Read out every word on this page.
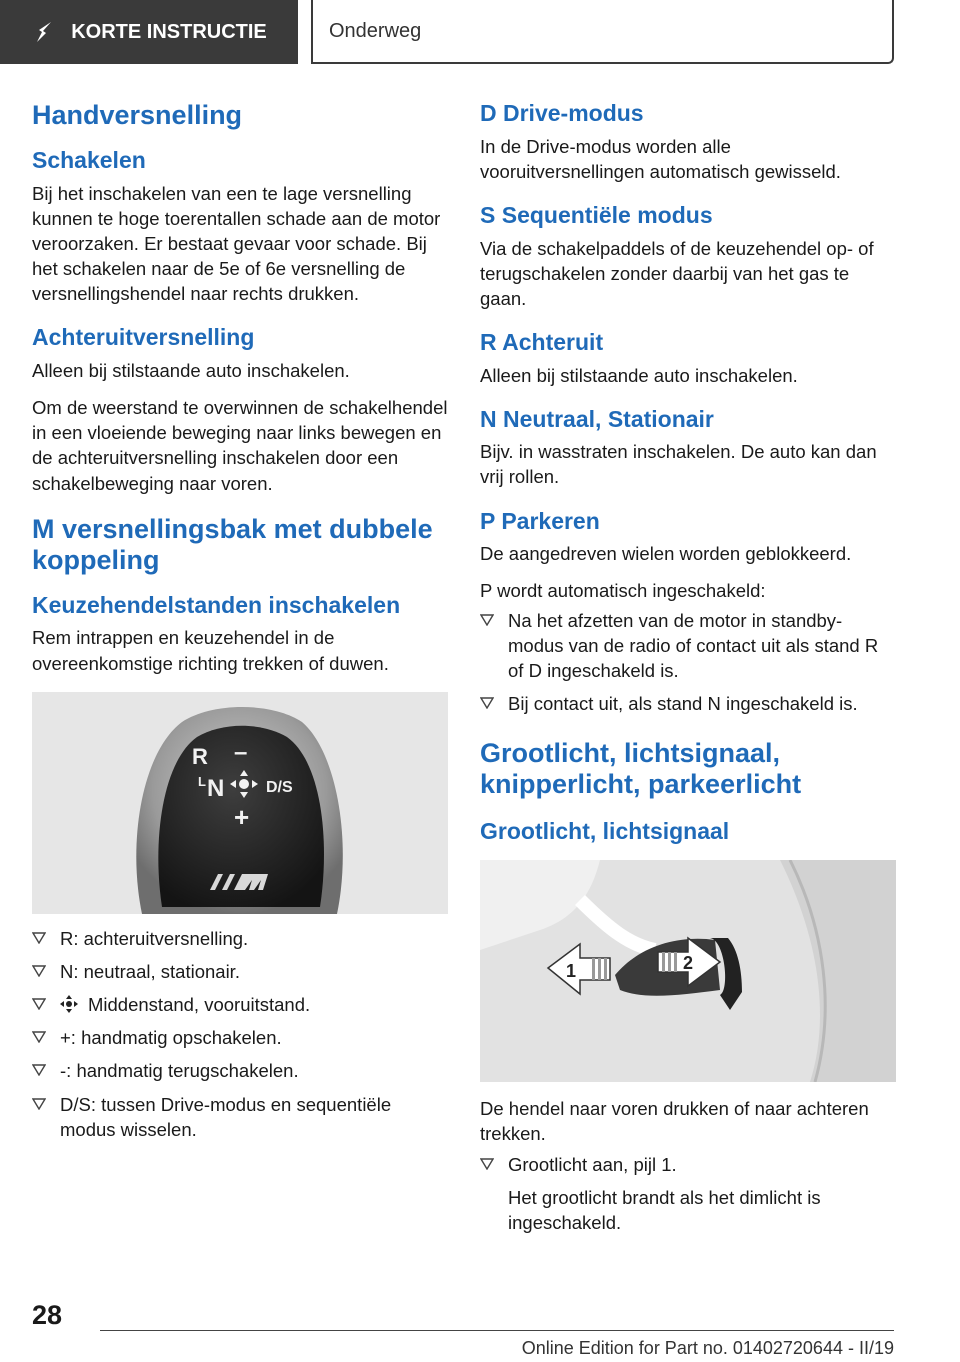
KORTE INSTRUCTIE	Onderweg
Handversnelling
Schakelen

Bij het inschakelen van een te lage versnelling kunnen te hoge toerentallen schade aan de motor veroorzaken. Er bestaat gevaar voor schade. Bij het schakelen naar de 5e of 6e versnelling de versnellingshendel naar rechts drukken.

Achteruitversnelling

Alleen bij stilstaande auto inschakelen.

Om de weerstand te overwinnen de schakelhendel in een vloeiende beweging naar links bewegen en de achteruitversnelling inschakelen door een schakelbeweging naar voren.

M versnellingsbak met dubbele koppeling
Keuzehendelstanden inschakelen

Rem intrappen en keuzehendel in de overeenkomstige richting trekken of duwen.

R –
L N	D/S
+
R: achteruitversnelling.
N: neutraal, stationair.
Middenstand, vooruitstand.
+: handmatig opschakelen.
-: handmatig terugschakelen.
D/S: tussen Drive-modus en sequentiële modus wisselen.
D Drive-modus

In de Drive-modus worden alle vooruitversnellingen automatisch gewisseld.

S Sequentiële modus

Via de schakelpaddels of de keuzehendel op- of terugschakelen zonder daarbij van het gas te gaan.

R Achteruit

Alleen bij stilstaande auto inschakelen.

N Neutraal, Stationair

Bijv. in wasstraten inschakelen. De auto kan dan vrij rollen.

P Parkeren

De aangedreven wielen worden geblokkeerd.

P wordt automatisch ingeschakeld:

Na het afzetten van de motor in standby-modus van de radio of contact uit als stand R of D ingeschakeld is.
Bij contact uit, als stand N ingeschakeld is.
Grootlicht, lichtsignaal, knipperlicht, parkeerlicht
Grootlicht, lichtsignaal
1	2

De hendel naar voren drukken of naar achteren trekken.

Grootlicht aan, pijl 1.
Het grootlicht brandt als het dimlicht is ingeschakeld.
28
Online Edition for Part no. 01402720644 - II/19
